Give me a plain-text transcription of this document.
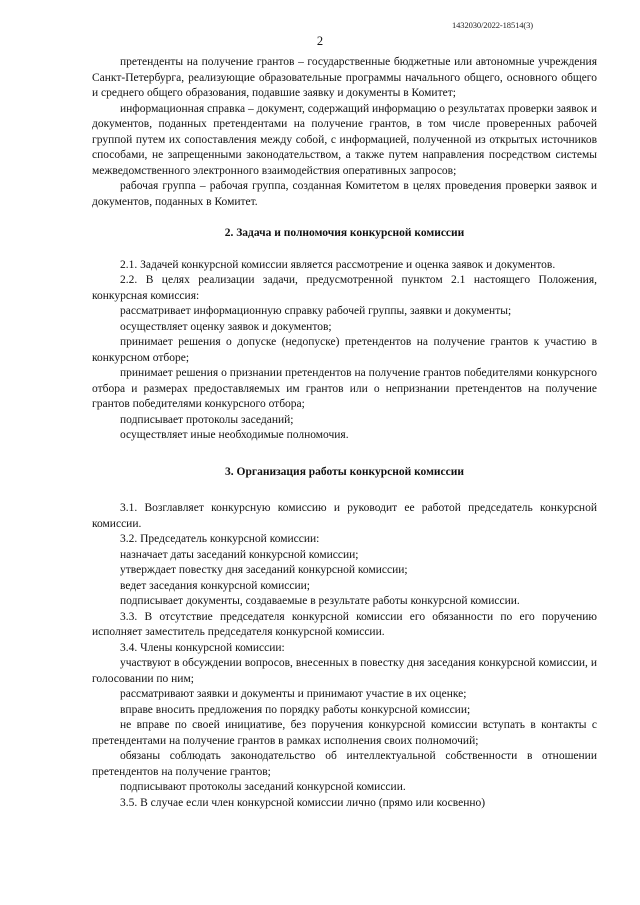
1432030/2022-18514(3)
2

претенденты на получение грантов – государственные бюджетные или автономные учреждения Санкт-Петербурга, реализующие образовательные программы начального общего, основного общего и среднего общего образования, подавшие заявку и документы в Комитет;

информационная справка – документ, содержащий информацию о результатах проверки заявок и документов, поданных претендентами на получение грантов, в том числе проверенных рабочей группой путем их сопоставления между собой, с информацией, полученной из открытых источников способами, не запрещенными законодательством, а также путем направления посредством системы межведомственного электронного взаимодействия оперативных запросов;

рабочая группа – рабочая группа, созданная Комитетом в целях проведения проверки заявок и документов, поданных в Комитет.

2. Задача и полномочия конкурсной комиссии

2.1. Задачей конкурсной комиссии является рассмотрение и оценка заявок и документов.

2.2. В целях реализации задачи, предусмотренной пунктом 2.1 настоящего Положения, конкурсная комиссия:

рассматривает информационную справку рабочей группы, заявки и документы;

осуществляет оценку заявок и документов;

принимает решения о допуске (недопуске) претендентов на получение грантов к участию в конкурсном отборе;

принимает решения о признании претендентов на получение грантов победителями конкурсного отбора и размерах предоставляемых им грантов или о непризнании претендентов на получение грантов победителями конкурсного отбора;

подписывает протоколы заседаний;

осуществляет иные необходимые полномочия.

3. Организация работы конкурсной комиссии

3.1. Возглавляет конкурсную комиссию и руководит ее работой председатель конкурсной комиссии.

3.2. Председатель конкурсной комиссии:

назначает даты заседаний конкурсной комиссии;

утверждает повестку дня заседаний конкурсной комиссии;

ведет заседания конкурсной комиссии;

подписывает документы, создаваемые в результате работы конкурсной комиссии.

3.3. В отсутствие председателя конкурсной комиссии его обязанности по его поручению исполняет заместитель председателя конкурсной комиссии.

3.4. Члены конкурсной комиссии:

участвуют в обсуждении вопросов, внесенных в повестку дня заседания конкурсной комиссии, и голосовании по ним;

рассматривают заявки и документы и принимают участие в их оценке;

вправе вносить предложения по порядку работы конкурсной комиссии;

не вправе по своей инициативе, без поручения конкурсной комиссии вступать в контакты с претендентами на получение грантов в рамках исполнения своих полномочий;

обязаны соблюдать законодательство об интеллектуальной собственности в отношении претендентов на получение грантов;

подписывают протоколы заседаний конкурсной комиссии.

3.5. В случае если член конкурсной комиссии лично (прямо или косвенно)
